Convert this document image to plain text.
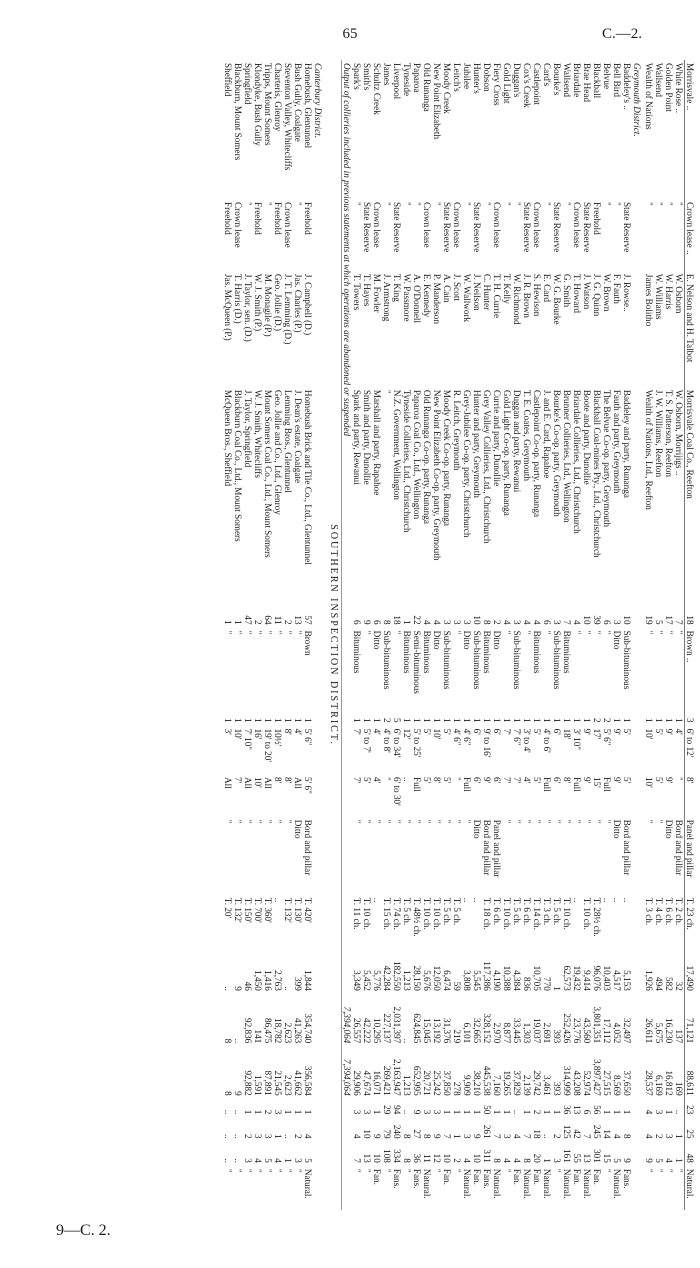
65	C.—2.
Morrisvale ..	Crown lease ..	E. Nelson and H. Talbot	Morrisvale Coal Co., Reefton	18	Brown ..	3	6' to 12'	8'	Panel and pillar	T. 23 ch.	17,490	71,121	88,611	23	25	48	Natural.
White Rose ..	"	W. Osborn	W. Osborn, Morrijigs ..	7	"	1	4'	"	Bord and pillar	T. 2 ch.	32	137	169	..	1	1	"
Golden Point	"	W. Harris	T. S. Patterson, Reefton	17	"	1	9'	9'	Ditto	T. 6 ch.	582	16,230	16,812	1	3	4	"
Wallsend	"	W. Williams	J. W. Williams, Reefton	5	"	1	5'	5'	"	T. 4 ch.	494	5,675	6,169	3	2	5	"
Wealth of Nations	"	James Bolitho	Wealth of Nations, Ltd., Reefton	19	"	1	10'	10'	"	T. 3 ch.	1,926	26,611	28,537	4	4	9	"
Greymouth District.																	
Baddeley's ..	State Reserve	J. Rowse..	Baddeley and party, Runanga	10	Sub-bituminous	1	5'	5'	Bord and pillar	..	5,153	32,497	37,650	1	8	9	Fans.
Bell Bird	"	F. Fauth	Fauth and party, Greymouth	3	Ditto	1	9'	9'	Ditto	..	4,517	4,052	8,569	1	4	5	Natural.
Belvue	"	W. Brown	The Belvue Co-op. party, Greymouth	6	"	2	5' 6"	Full	"	..	10,403	17,112	27,515	1	14	15	"
Blackball	Freehold	J. G. Quinn	Blackball Coal-mines Pty., Ltd., Christchurch	39	"	2	17'	15'	"	T. 28½ ch.	96,076	3,801,351	3,897,427	56	245	301	Fan.
Brae Head	State Reserve	J. Watson	Boote and party, Dunollie	10	"	1	9'	9'	"	T. 10 ch.	9,414	43,560	52,974	6	7	13	Natural.
Briardale	Crown lease	T. Howard	Briardale Collieries, Ltd., Christchurch	4	"	1	3' 10"	Full	"	..	19,432	23,776	43,208	13	42	55	Fan.
Wallsend	"	G. Smith	Brunner Collieries, Ltd., Wellington	7	Bituminous	1	18'	8'	"	T. 10 ch.	62,573	252,426	314,999	36	125	161	Natural.
Bourke's	State Reserve	W. G. Bourke	Bourke's Co-op. party, Greymouth	3	Sub-bituminous	1	6'	6'	"	T. 5 ch.	1	393	393	1	2	3	"
Card's	"	E. Card	J. and E. Card, Rapahoe	6	"	1	4' to 6'	Full	"	T. 3 ch.	770	2,691	3,461	1	..	1	Natural.
Castlepoint	Crown lease	S. Hewison	Castlepoint Co-op. party, Runanga	4	Bituminous	1	5'	5'	"	T. 14 ch.	10,705	19,037	29,742	2	18	20	Fan.
Cox's Creek	State Reserve	J. R. Brown	T. E. Coates, Greymouth	4	"	1	3' to 4'	4'	"	T. 6 ch.	836	1,303	2,139	1	7	8	Natural.
Duggan's	"	W. Richmond	Duggan and party, Rewanui	3	Sub-bituminous	1	7' 6"	7'	"	T. 5 ch.	4,384	33,445	37,829	..	4	4	Fan.
Gold Light	"	T. Kelly	Gold Light Co-op. party, Runanga	4	"	1	7'	7'	"	T. 10 ch.	10,388	8,877	19,265	1	3	4	"
Fiery Cross	Crown lease	T. H. Currie	Currie and party, Dunollie	2	Ditto	1	6'	6'	Panel and pillar	T. 6 ch.	4,190	2,970	7,160	1	7	8	Natural.
Dobson	"	C. Hunter	Grey Valley Collieries, Ltd., Christchurch	8	Bituminous	1	9' to 16'	9'	Bord and pillar	T. 18 ch.	117,386	328,152	445,538	50	261	311	Fans.
Hunter's	State Reserve	J. Neilson	Hunter and party, Greymouth	10	Sub-bituminous	1	6'	6'	Ditto	..	5,545	32,665	38,210	1	9	10	Fan.
Jubilee	"	W. Wallwork	Grey-Jubilee Co-op. party, Christchurch	3	Ditto	1	4' 6"	Full	"	..	3,808	6,101	9,909	1	3	4	Natural.
Leitch's	Crown lease	J. Scott	R. Leitch, Greymouth	3	"	1	4' 6"	"	"	T. 5 ch.	59	219	278	1	1	2	"
Moody Creek	State Reserve	A. Cain	Moody Creek Co-op. party, Runanga	3	Sub-bituminous	1	5'	5'	"	T. 5 ch.	6,474	31,376	37,850	1	7	10	Fan.
New Point Elizabeth	"	P. Manderson	New Point Elizabeth Co-op. party, Greymouth	4	Ditto	1	10'	8'	"	T. 10 ch.	12,050	13,192	25,242	3	9	12	"
Old Runanga	Crown lease	E. Kennedy	Old Runanga Co-op. party, Runanga	4	Bituminous	1	5'	5'	"	T. 10 ch.	5,676	15,045	20,721	3	8	11	Natural.
Paparoa	"	A. O'Donnell	Paparoa Coal Co., Ltd., Wellington	22	Semi-bituminous	1	5' to 25'	Full	"	T. 48½ ch.	28,150	624,845	652,995	9	27	36	Fans.
Tyneside	"	W. Passmore	Tyneside Collieries, Ltd., Christchurch	1	Bituminous	1	12'	..	"	T. 5 ch.	1,213	..	1,213	..	8	8	"
Liverpool	State Reserve	T. King	N.Z. Government, Wellington	18	"	5	6' to 34'	6' to 30'	"	T. 74 ch.	182,550	2,031,397	2,163,947	94	240	334	Fans.
James	"	J. Armstrong	"	8	Sub-bituminous	2	4' to 8'	"	"	T. 15 ch.	42,284	227,137	269,421	29	79	108	"
Schultz Creek	Crown lease	M. Fowler	Marshall and party, Rapahoe	6	Ditto	1	4'	4'	"	..	5,776	10,295	16,071	1	9	10	Fan.
Smith's	State Reserve	T. Hayes	Smith and party, Dunollie	9	"	1	5' to 7'	5'	"	T. 10 ch.	5,452	42,222	47,674	3	10	13	"
Spark's	"	T. Towers	Spark and party, Rewanui	6	Bituminous	1	7'	7'	"	T. 11 ch.	3,349	26,557	29,906	3	4	7	"
Output of collieries included in previous statements at which operations are abandoned or suspended												7,394,064	7,394,064				
SOUTHERN INSPECTION DISTRICT.																	
Canterbury District.																	
Homebush, Glentunnel	Freehold	J. Campbell (D.)	Homebush Brick and Tile Co., Ltd., Glentunnel	57	Brown	1	5' 6"	5' 6"	Bord and pillar	T. 420'	1,844	354,740	356,584	1	4	5	Natural.
Bush Gully, Coalgate	"	Jas. Charles (P.)	J. Dean's estate, Coalgate	13	"	1	4'	All	Ditto	T. 130'	399	41,263	41,662	1	2	3	"
Steventon Valley, Whitecliffs	Crown lease	J. T. Lemming (D.)	Lemming Bros., Glentunnel	2	"	1	8'	8'	"	T. 132'	..	2,623	2,623	1	..	1	"
Charteris, Glenroy	Freehold	Geo. Jollie (D.)	Geo. Jollie and Co., Ltd., Glenroy	11	"	1	10½'	8'	"	..	2,763	18,782	21,545	3	1	4	"
Tripps, Mount Somers	"	M. Monagile (P.)	Mount Somers Coal Co., Ltd., Mount Somers	64	"	1	19' to 20'	All	"	T. 360'	1,416	86,475	87,891	2	3	5	"
Klondyke, Bush Gully	Freehold	W. J. Smith (P.)	W. J. Smith, Whitecliffs	2	"	1	16'	10'	"	T. 700'	1,450	141	1,591	1	3	4	"
Springfield	"	J. Taylor, sen. (D.)	J. Taylor, Springfield	47	"	1	7' 10"	All	"	T. 150'	46	92,836	92,882	1	2	3	"
Blackburn, Mount Somers	Crown lease	T. Harris (D.)	Blackburn Coal Co., Ltd., Mount Somers	1	"	1	10'	7'	"	T. 132'	9	..	9	..	..	..	"
Sheffield	Freehold	Jas. McQueen (P.)	McQueen Bros., Sheffield	1	"	1	3'	All	"	T. 20'	..	8	8	..	..	..	"
9—C. 2.
